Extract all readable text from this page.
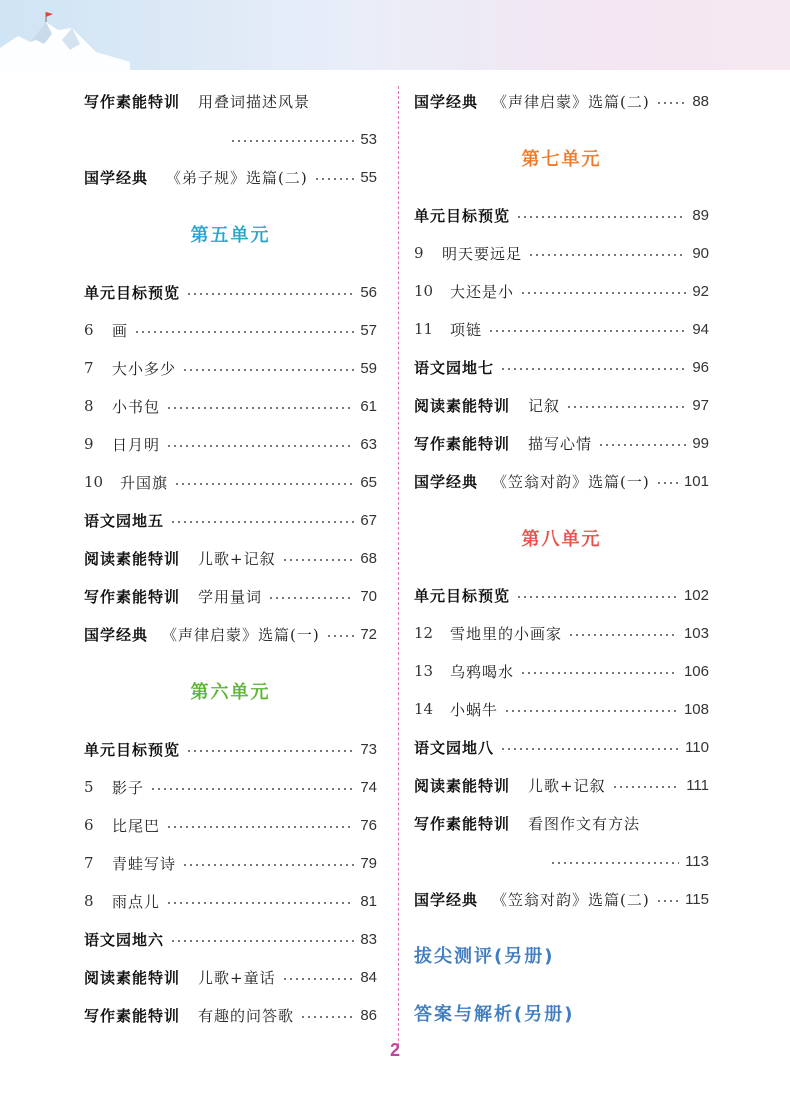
写作素能特训 用叠词描述风景
53
国学经典 《弟子规》选篇(二)	55
第五单元
单元目标预览	56
6	画	57
7	大小多少	59
8	小书包	61
9	日月明	63
10	升国旗	65
语文园地五	67
阅读素能特训 儿歌+记叙	68
写作素能特训 学用量词	70
国学经典 《声律启蒙》选篇(一)	72
第六单元
单元目标预览	73
5	影子	74
6	比尾巴	76
7	青蛙写诗	79
8	雨点儿	81
语文园地六	83
阅读素能特训 儿歌+童话	84
写作素能特训 有趣的问答歌	86
国学经典 《声律启蒙》选篇(二)	88
第七单元
单元目标预览	89
9	明天要远足	90
10	大还是小	92
11	项链	94
语文园地七	96
阅读素能特训 记叙	97
写作素能特训 描写心情	99
国学经典 《笠翁对韵》选篇(一) 101
第八单元
单元目标预览	102
12	雪地里的小画家	103
13	乌鸦喝水	106
14	小蜗牛	108
语文园地八	110
阅读素能特训 儿歌+记叙	111
写作素能特训 看图作文有方法
113
国学经典 《笠翁对韵》选篇(二) 115
拔尖测评(另册)
答案与解析(另册)
2
